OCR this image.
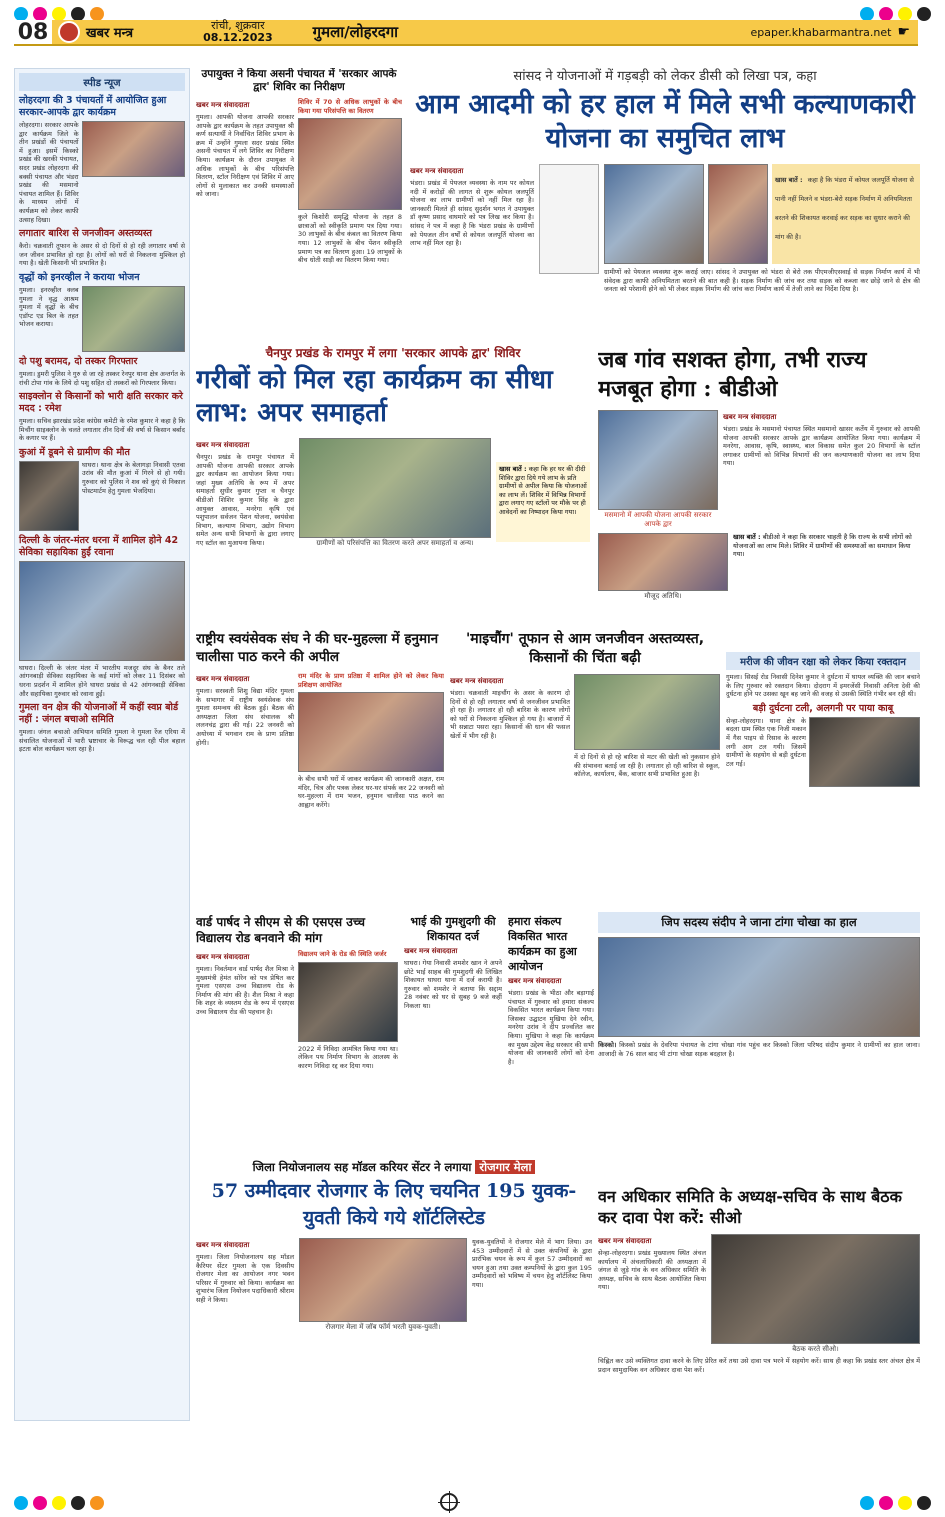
08	खबर मन्त्र
रांची, शुक्रवार
08.12.2023	गुमला/लोहरदगा	epaper.khabarmantra.net ☛
स्पीड न्यूज
लोहरदगा की 3 पंचायतों में आयोजित हुआ सरकार-आपके द्वार कार्यक्रम
लोहरदगा। सरकार आपके द्वार कार्यक्रम जिले के तीन प्रखंडों की पंचायतों में हुआ। इसमें किस्को प्रखंड की खरकी पंचायत, सदर प्रखंड लोहरदगा की बक्सी पंचायत और भंडरा प्रखंड की मसमानो पंचायत शामिल हैं। शिविर के माध्यम लोगों में कार्यक्रम को लेकर काफी उत्साह दिखा।
लगातार बारिश से जनजीवन अस्तव्यस्त
कैरो। चक्रवाती तूफान के असर से दो दिनों से हो रही लगातार वर्षा से जन जीवन प्रभावित हो रहा है। लोगों को घरों से निकलना मुश्किल हो गया है। खेती किसानी भी प्रभावित है।
वृद्धों को इनरव्हील ने कराया भोजन
गुमला। इनरव्हील क्लब गुमला ने वृद्ध आश्रम गुमला में वृद्धों के बीच एडॉप्ट एड बिल के तहत भोजन कराया।
दो पशु बरामद, दो तस्कर गिरफ्तार
गुमला। डुमरी पुलिस ने गुरु से जा रहे तस्कर रेनपुर थाना क्षेत्र अन्तर्गत के रांची टोपा गांव के लिये दो पशु सहित दो तस्करों को गिरफ्तार किया।
साइक्लोन से किसानों को भारी क्षति सरकार करे मदद : रमेश
गुमला। सचिव झारखंड प्रदेश कांग्रेस कमेटी के रमेश कुमार ने कहा है कि मिचौंग साइक्लोन के चलते लगातार तीन दिनों की वर्षा से किसान बर्बाद के कगार पर हैं।
कुआं में डूबने से ग्रामीण की मौत
घाघरा। थाना क्षेत्र के बेलागड़ा निवासी एतवा उरांव की मौत कुआं में गिरने से हो गयी। गुरुवार को पुलिस ने शव को कुएं से निकाल पोस्टमार्टम हेतु गुमला भेजदिया।
दिल्ली के जंतर-मंतर धरना में शामिल होने 42 सेविका सहायिका हुईं रवाना
घाघरा। दिल्ली के जंतर मंतर में भारतीय मजदूर संघ के बैनर तले आंगनबाड़ी सेविका सहायिका के कई मांगों को लेकर 11 दिसंबर को धरना प्रदर्शन में शामिल होने घाघरा प्रखंड से 42 आंगनबाड़ी सेविका और सहायिका गुरुवार को रवाना हुईं।
गुमला वन क्षेत्र की योजनाओं में कहीं स्वप्न बोर्ड नहीं : जंगल बचाओ समिति
गुमला। जंगल बचाओ अभियान समिति गुमला ने गुमला रेंज एरिया में संचालित योजनाओं में भारी भ्रष्टाचार के विरूद्ध चल रही पील बहाल इटता बोल कार्यक्रम चला रहा है।
उपायुक्त ने किया असनी पंचायत में 'सरकार आपके द्वार' शिविर का निरीक्षण
खबर मन्त्र संवाददाता
गुमला। आपकी योजना आपकी सरकार आपके द्वार कार्यक्रम के तहत उपायुक्त श्री कर्ण सत्यार्थी ने निर्वाचित शिविर प्रभाग के क्रम में उन्होंने गुमला सदर प्रखंड स्थित असनी पंचायत में लगे शिविर का निरीक्षण किया। कार्यक्रम के दौरान उपायुक्त ने अधिक लाभुकों के बीच परिसंपत्ति वितरण, स्टॉल निरीक्षण एवं शिविर में आए लोगों से मुलाकात कर उनकी समस्याओं को जाना।
शिविर में 70 से अधिक लाभुकों के बीच किया गया परिसंपत्ति का वितरण
कुले किशोरी समृद्धि योजना के तहत 8 छात्राओं को स्वीकृति प्रमाण पत्र दिया गया। 30 लाभुकों के बीच कंबल का वितरण किया गया। 12 लाभुकों के बीच पेंशन स्वीकृति प्रमाण पत्र का वितरण हुआ। 19 लाभुकों के बीच धोती साड़ी का वितरण किया गया।
सांसद ने योजनाओं में गड़बड़ी को लेकर डीसी को लिखा पत्र, कहा
आम आदमी को हर हाल में मिले सभी कल्याणकारी योजना का समुचित लाभ
खबर मन्त्र संवाददाता
भंडरा। प्रखंड में पेयजल व्यवस्था के नाम पर कोयल नदी में करोड़ों की लागत से शुरू कोयल जलपूर्ति योजना का लाभ ग्रामीणों को नहीं मिल रहा है। जानकारी मिलते ही सांसद सुदर्शन भगत ने उपायुक्त डॉ कृष्ण प्रसाद वाघमारे को पत्र लिख कर किया है। सांसद ने पत्र में कहा है कि भंडरा प्रखंड के ग्रामीणों को पेयजल तीन वर्षों से कोयल जलपूर्ति योजना का लाभ नहीं मिल रहा है।
खास बातें : कहा है कि भंडरा में कोयल जलपूर्ति योजना से पानी नहीं मिलने व भंडरा-बेरो सड़क निर्माण में अनियमितता बरतने की शिकायत करवाई कर सड़क का सुधार कराने की मांग की है।
ग्रामीणों को पेयजल व्यवस्था शुरू कराई जाए। सांसद ने उपायुक्त को भंडरा से बेरो तक पीएमजीएसवाई से सड़क निर्माण कार्य में भी संवेदक द्वारा काफी अनियमितता बरतने की बात कही है। सड़क निर्माण की जांच कर तथा सड़क को कब्जा कर छोड़े जाने से क्षेत्र की जनता को परेशानी होने को भी लेकर सड़क निर्माण की जांच करा निर्माण कार्य में तेजी लाने का निर्देश दिया है।
चैनपुर प्रखंड के रामपुर में लगा 'सरकार आपके द्वार' शिविर
गरीबों को मिल रहा कार्यक्रम का सीधा लाभ: अपर समाहर्ता
खास बातें : कहा कि हर घर की दीदी शिविर द्वारा दिये गये लाभ के प्रति ग्रामीणों से अपील किया कि योजनाओं का लाभ लें। शिविर में विभिन्न विभागों द्वारा लगाए गए स्टॉलों पर मौके पर ही आवेदनों का निष्पादन किया गया।
खबर मन्त्र संवाददाता
चैनपुर। प्रखंड के रामपुर पंचायत में आपकी योजना आपकी सरकार आपके द्वार कार्यक्रम का आयोजन किया गया। जहां मुख्य अतिथि के रूप में अपर समाहर्ता सुधीर कुमार गुप्ता व चैनपुर बीडीओ शिशिर कुमार सिंह के द्वारा आयुक्त आवास, मनरेगा कृषि एवं पशुपालन सर्वजन पेंशन योजना, स्वयंसेवा विभाग, कल्याण विभाग, उद्योग विभाग समेत अन्य सभी विभागों के द्वारा लगाए गए स्टॉल का मुआयना किया।	ग्रामीणों को परिसंपत्ति का वितरण करते अपर समाहर्ता व अन्य।
जब गांव सशक्त होगा, तभी राज्य मजबूत होगा : बीडीओ
मसमानो में आपकी योजना आपकी सरकार आपके द्वार
खबर मन्त्र संवाददाता
भंडरा। प्रखंड के मसमानो पंचायत स्थित मसमानो खासर कर्तेय में गुरुवार को आपकी योजना आपकी सरकार आपके द्वार कार्यक्रम आयोजित किया गया। कार्यक्रम में मनरेगा, आवास, कृषि, स्वास्थ्य, बाल विकास समेत कुल 20 विभागों के स्टॉल लगाकर ग्रामीणों को विभिन्न विभागों की जन कल्याणकारी योजना का लाभ दिया गया।
मौजूद अतिथि।
खास बातें : बीडीओ ने कहा कि सरकार चाहती है कि राज्य के सभी लोगों को योजनाओं का लाभ मिले। शिविर में ग्रामीणों की समस्याओं का समाधान किया गया।
राष्ट्रीय स्वयंसेवक संघ ने की घर-मुहल्ला में हनुमान चालीसा पाठ करने की अपील
खबर मन्त्र संवाददाता
गुमला। सरस्वती शिशु विद्या मंदिर गुमला के सभागार में राष्ट्रीय स्वयंसेवक संघ गुमला समन्वय की बैठक हुई। बैठक की अध्यक्षता जिला संघ संचालक श्री ललनचंद्र द्वारा की गई। 22 जनवरी को अयोध्या में भगवान राम के प्राण प्रतिष्ठा होगी।
राम मंदिर के प्राण प्रतिष्ठा में शामिल होने को लेकर किया प्रशिक्षण आयोजित
के बीच सभी घरों में जाकर कार्यक्रम की जानकारी अक्षत, राम मंदिर, चित्र और पत्रक लेकर घर-घर संपर्क कर 22 जनवरी को घर-मुहल्ला में राम भजन, हनुमान चालीसा पाठ करने का आह्वान करेंगे।
'माइचौंग' तूफान से आम जनजीवन अस्तव्यस्त, किसानों की चिंता बढ़ी
खबर मन्त्र संवाददाता
भंडरा। चक्रवाती माइचौंग के असर के कारण दो दिनों से हो रही लगातार वर्षा से जनजीवन प्रभावित हो रहा है। लगातार हो रही बारिश के कारण लोगों को घरों से निकलना मुश्किल हो गया है। बाजारों में भी सन्नाटा पसरा रहा। किसानों की धान की फसल खेतों में भीग रही है।
में दो दिनों से हो रहे बारिश से मटर की खेती को नुकसान होने की संभावना बताई जा रही है। लगातार हो रही बारिश से स्कूल, कॉलेज, कार्यालय, बैंक, बाजार सभी प्रभावित हुआ है।
मरीज की जीवन रक्षा को लेकर किया रक्तदान
गुमला। सिसई रोड निवासी दिनेश कुमार ने दुर्घटना में घायल व्यक्ति की जान बचाने के लिए गुरुवार को रक्तदान किया। दोदराग में इमरजेंसी निवासी अनिता देवी की दुर्घटना होने पर उसका खून बह जाने की वजह से उसकी स्थिति गंभीर बन रही थी।
बड़ी दुर्घटना टली, अलगनी पर पाया काबू
सेन्हा-लोहरदगा। थाना क्षेत्र के बदला ग्राम स्थित एक निजी मकान में गैस पाइप से रिसाव के कारण लगी आग टल गयी। जिसमें ग्रामीणों के सहयोग से बड़ी दुर्घटना टल गई।
जिप सदस्य संदीप ने जाना टांगा चोखा का हाल
किस्को। किस्को प्रखंड के देवरिया पंचायत के टांगा चोखा गांव पहुंच कर किस्को जिला परिषद संदीप कुमार ने ग्रामीणों का हाल जाना। आजादी के 76 साल बाद भी टांगा चोखा सड़क बदहाल है।
वार्ड पार्षद ने सीएम से की एसएस उच्च विद्यालय रोड बनवाने की मांग
खबर मन्त्र संवाददाता
गुमला। निवर्तमान वार्ड पार्षद शैल मिश्रा ने मुख्यमंत्री हेमंत सोरेन को पत्र प्रेषित कर गुमला एसएस उच्च विद्यालय रोड के निर्माण की मांग की है। शैल मिश्रा ने कहा कि शहर के व्यस्तम रोड के रूप में एसएस उच्च विद्यालय रोड की पहचान है।
विद्यालय जाने के रोड की स्थिति जर्जर
2022 में निविदा आमंत्रित किया गया था। लेकिन पथ निर्माण विभाग के आलस्य के कारण निविदा रद्द कर दिया गया।
भाई की गुमशुदगी की शिकायत दर्ज
खबर मन्त्र संवाददाता
घाघरा। गेया निवासी शमशेर खान ने अपने छोटे भाई साहब की गुमशुदगी की लिखित शिकायत घाघरा थाना में दर्ज करायी है। गुरुवार को शमशेर ने बताया कि सद्दाम 28 नवंबर को घर से सुबह 9 बजे कहीं निकला था।
हमारा संकल्प विकसित भारत कार्यक्रम का हुआ आयोजन
खबर मन्त्र संवाददाता
भंडरा। प्रखंड के भीठा और बड़ागाई पंचायत में गुरुवार को हमारा संकल्प विकसित भारत कार्यक्रम किया गया। जिसका उद्घाटन मुखिया देने रवीन, मनरेगा उरांव ने दीप प्रज्वलित कर किया। मुखिया ने कहा कि कार्यक्रम का मुख्य उद्देश्य केंद्र सरकार की सभी योजना की जानकारी लोगों को देना है।
जिला नियोजनालय सह मॉडल करियर सेंटर ने लगाया रोजगार मेला
57 उम्मीदवार रोजगार के लिए चयनित 195 युवक-युवती किये गये शॉर्टलिस्टेड
खबर मन्त्र संवाददाता
गुमला। जिला नियोजनालय सह मॉडल कैरियर सेंटर गुमला के एक दिवसीय रोजगार मेला का आयोजन नगर भवन परिसर में गुरुवार को किया। कार्यक्रम का शुभारंभ जिला नियोजन पदाधिकारी श्रीराम सही ने किया।
रोजगार मेला में जॉब फॉर्म भरती युवक-युवती।
युवक-युवतियों ने रोजगार मेले में भाग लिया। उन 453 उम्मीदवारों में से उक्त कंपनियों के द्वारा प्रारंभिक चयन के रूप में कुल 57 उम्मीदवारों का चयन हुआ तथा उक्त कम्पनियों के द्वारा कुल 195 उम्मीदवारों को भविष्य में चयन हेतु शॉर्टलिस्ट किया गया।
वन अधिकार समिति के अध्यक्ष-सचिव के साथ बैठक कर दावा पेश करें: सीओ
खबर मन्त्र संवाददाता
सेन्हा-लोहरदगा। प्रखंड मुख्यालय स्थित अंचल कार्यालय में अंचलाधिकारी की अध्यक्षता में जंगल से जुड़े गांव के वन अधिकार समिति के अध्यक्ष, सचिव के साथ बैठक आयोजित किया गया।
बैठक करते सीओ।
चिह्नित कर उसे व्यक्तिगत दावा करने के लिए प्रेरित करें तथा उसे दावा पत्र भरने में सहयोग करें। साथ ही कहा कि प्रखंड स्तर अंचल क्षेत्र में प्रदान सामुदायिक वन अधिकार दावा पेश करें।
